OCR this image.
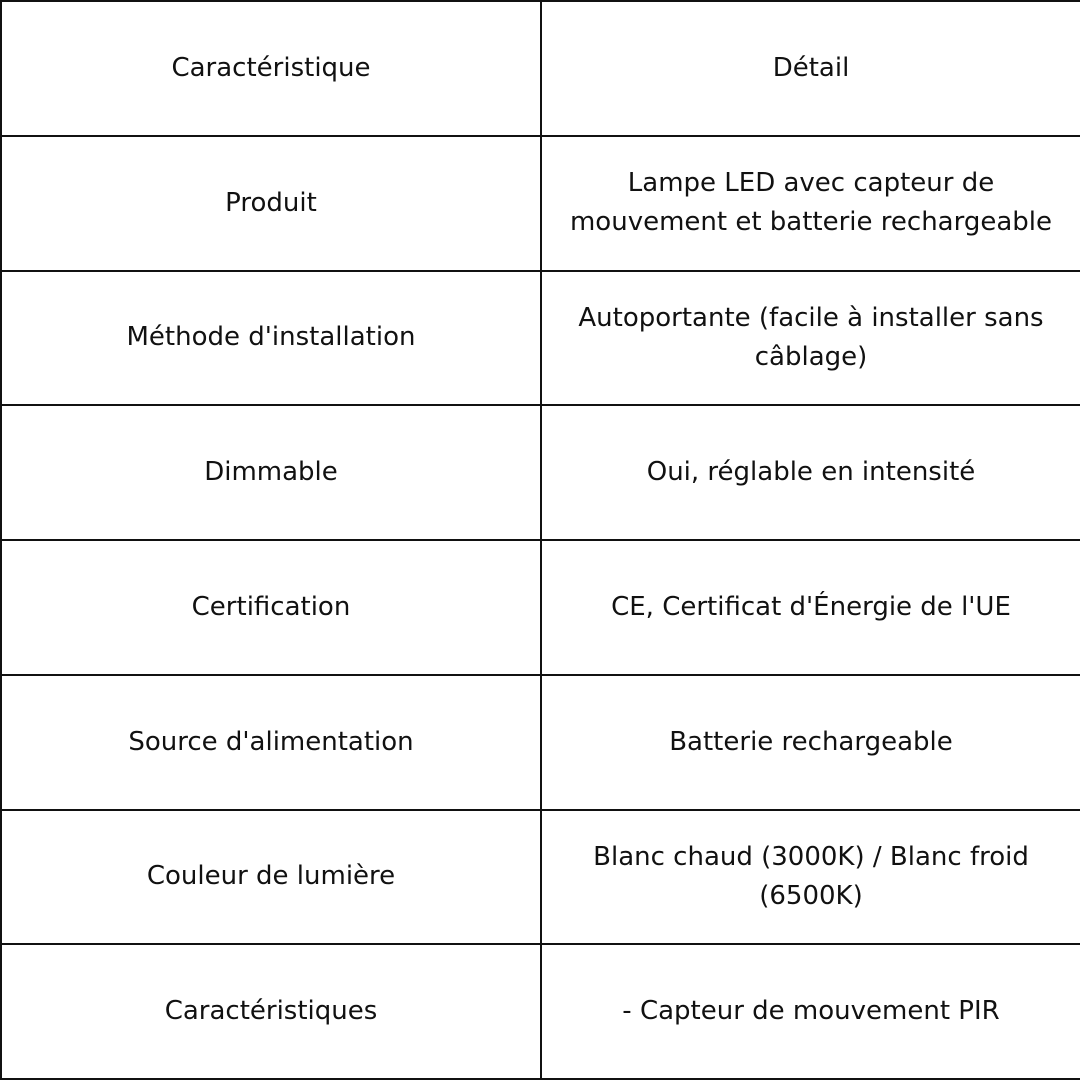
Caractéristique	Détail
Produit	Lampe LED avec capteur de mouvement et batterie rechargeable
Méthode d'installation	Autoportante (facile à installer sans câblage)
Dimmable	Oui, réglable en intensité
Certification	CE, Certificat d'Énergie de l'UE
Source d'alimentation	Batterie rechargeable
Couleur de lumière	Blanc chaud (3000K) / Blanc froid (6500K)
Caractéristiques	- Capteur de mouvement PIR
